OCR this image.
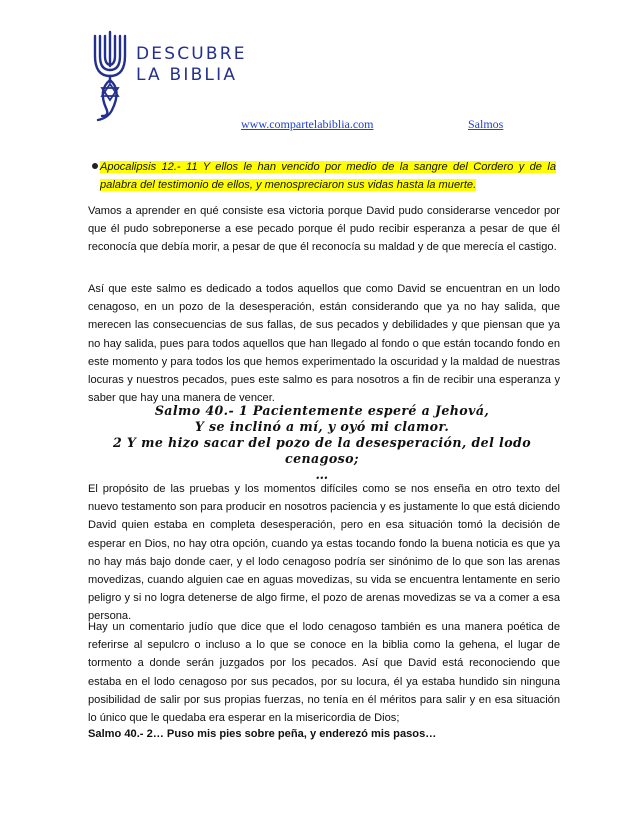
DESCUBRE
LA BIBLIA
www.compartelabiblia.com	Salmos
Apocalipsis 12.- 11 Y ellos le han vencido por medio de la sangre del Cordero y de la palabra del testimonio de ellos, y menospreciaron sus vidas hasta la muerte.

Vamos a aprender en qué consiste esa victoria porque David pudo considerarse vencedor por que él pudo sobreponerse a ese pecado porque él pudo recibir esperanza a pesar de que él reconocía que debía morir, a pesar de que él reconocía su maldad y de que merecía el castigo.

Así que este salmo es dedicado a todos aquellos que como David se encuentran en un lodo cenagoso, en un pozo de la desesperación, están considerando que ya no hay salida, que merecen las consecuencias de sus fallas, de sus pecados y debilidades y que piensan que ya no hay salida, pues para todos aquellos que han llegado al fondo o que están tocando fondo en este momento y para todos los que hemos experimentado la oscuridad y la maldad de nuestras locuras y nuestros pecados, pues este salmo es para nosotros a fin de recibir una esperanza y saber que hay una manera de vencer.

Salmo 40.- 1 Pacientemente esperé a Jehová,
Y se inclinó a mí, y oyó mi clamor.
2 Y me hizo sacar del pozo de la desesperación, del lodo cenagoso;
…

El propósito de las pruebas y los momentos difíciles como se nos enseña en otro texto del nuevo testamento son para producir en nosotros paciencia y es justamente lo que está diciendo David quien estaba en completa desesperación, pero en esa situación tomó la decisión de esperar en Dios, no hay otra opción, cuando ya estas tocando fondo la buena noticia es que ya no hay más bajo donde caer, y el lodo cenagoso podría ser sinónimo de lo que son las arenas movedizas, cuando alguien cae en aguas movedizas, su vida se encuentra lentamente en serio peligro y si no logra detenerse de algo firme, el pozo de arenas movedizas se va a comer a esa persona.

Hay un comentario judío que dice que el lodo cenagoso también es una manera poética de referirse al sepulcro o incluso a lo que se conoce en la biblia como la gehena, el lugar de tormento a donde serán juzgados por los pecados. Así que David está reconociendo que estaba en el lodo cenagoso por sus pecados, por su locura, él ya estaba hundido sin ninguna posibilidad de salir por sus propias fuerzas, no tenía en él méritos para salir y en esa situación lo único que le quedaba era esperar en la misericordia de Dios;

Salmo 40.- 2… Puso mis pies sobre peña, y enderezó mis pasos…
